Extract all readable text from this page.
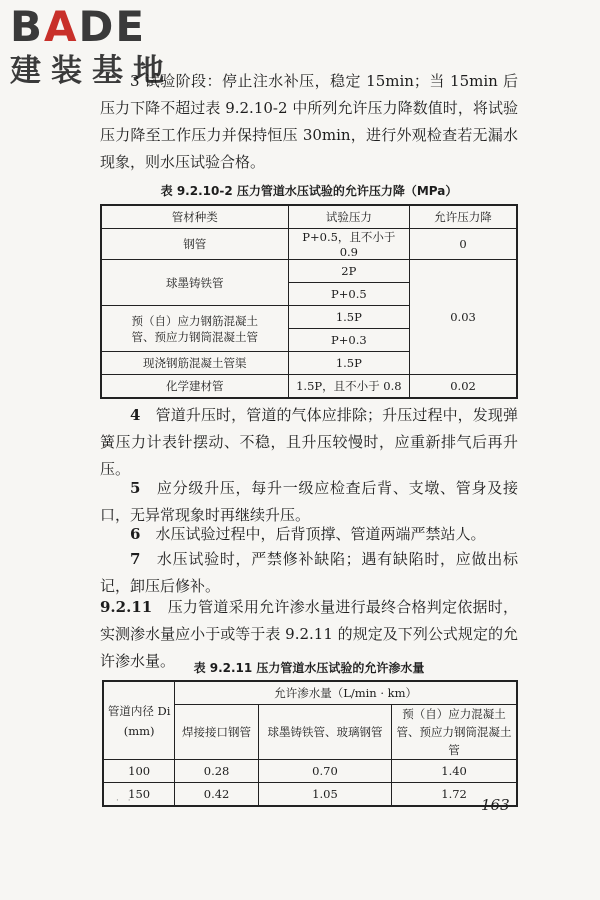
BADE
建装基地

3 试验阶段：停止注水补压，稳定 15min；当 15min 后压力下降不超过表 9.2.10-2 中所列允许压力降数值时，将试验压力降至工作压力并保持恒压 30min，进行外观检查若无漏水现象，则水压试验合格。

表 9.2.10-2 压力管道水压试验的允许压力降（MPa）
管材种类	试验压力	允许压力降
钢管	P+0.5，且不小于 0.9	0
球墨铸铁管	2P	0.03
	P+0.5	
预（自）应力钢筋混凝土管、预应力钢筒混凝土管	1.5P	
	P+0.3	
现浇钢筋混凝土管渠	1.5P	
化学建材管	1.5P，且不小于 0.8	0.02

4　 管道升压时，管道的气体应排除；升压过程中，发现弹簧压力计表针摆动、不稳，且升压较慢时，应重新排气后再升压。

5　 应分级升压，每升一级应检查后背、支墩、管身及接口，无异常现象时再继续升压。

6　 水压试验过程中，后背顶撑、管道两端严禁站人。

7　 水压试验时，严禁修补缺陷；遇有缺陷时，应做出标记，卸压后修补。

9.2.11　 压力管道采用允许渗水量进行最终合格判定依据时，实测渗水量应小于或等于表 9.2.11 的规定及下列公式规定的允许渗水量。	表 9.2.11 压力管道水压试验的允许渗水量
管道内径 Di (mm)	允许渗水量（L/min · km）		
	焊接接口钢管	球墨铸铁管、玻璃钢管	预（自）应力混凝土管、预应力钢筒混凝土管
100	0.28	0.70	1.40
150	0.42	1.05	1.72
· ·	163
